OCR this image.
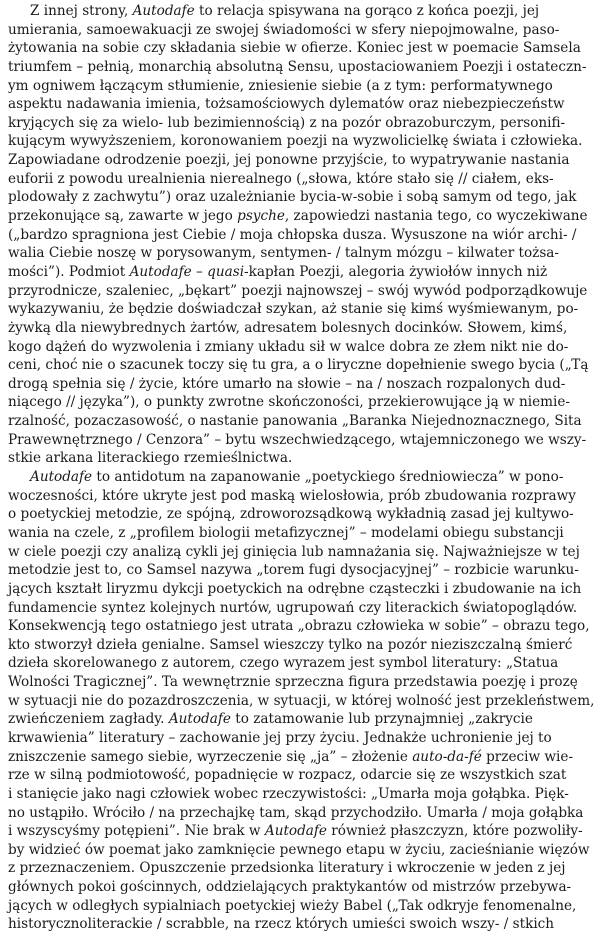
Z innej strony, Autodafe to relacja spisywana na gorąco z końca poezji, jej
umierania, samoewakuacji ze swojej świadomości w sfery niepojmowalne, paso-
żytowania na sobie czy składania siebie w ofierze. Koniec jest w poemacie Samsela
triumfem – pełnią, monarchią absolutną Sensu, upostaciowaniem Poezji i ostateczn-
ym ogniwem łączącym stłumienie, zniesienie siebie (a z tym: performatywnego
aspektu nadawania imienia, tożsamościowych dylematów oraz niebezpieczeństw
kryjących się za wielo- lub bezimiennością) z na pozór obrazoburczym, personifi-
kującym wywyższeniem, koronowaniem poezji na wyzwolicielkę świata i człowieka.
Zapowiadane odrodzenie poezji, jej ponowne przyjście, to wypatrywanie nastania
euforii z powodu urealnienia nierealnego („słowa, które stało się // ciałem, eks-
plodowały z zachwytu”) oraz uzależnianie bycia-w-sobie i sobą samym od tego, jak
przekonujące są, zawarte w jego psyche, zapowiedzi nastania tego, co wyczekiwane
(„bardzo spragniona jest Ciebie / moja chłopska dusza. Wysuszone na wiór archi- /
walia Ciebie noszę w porysowanym, sentymen- / talnym mózgu – kilwater tożsa-
mości”). Podmiot Autodafe – quasi-kapłan Poezji, alegoria żywiołów innych niż
przyrodnicze, szaleniec, „bękart” poezji najnowszej – swój wywód podporządkowuje
wykazywaniu, że będzie doświadczał szykan, aż stanie się kimś wyśmiewanym, po-
żywką dla niewybrednych żartów, adresatem bolesnych docinków. Słowem, kimś,
kogo dążeń do wyzwolenia i zmiany układu sił w walce dobra ze złem nikt nie do-
ceni, choć nie o szacunek toczy się tu gra, a o liryczne dopełnienie swego bycia („Tą
drogą spełnia się / życie, które umarło na słowie – na / noszach rozpalonych dud-
niącego // języka”), o punkty zwrotne skończoności, przekierowujące ją w niemie-
rzalność, pozaczasowość, o nastanie panowania „Baranka Niejednoznacznego, Sita
Prawewnętrznego / Cenzora” – bytu wszechwiedzącego, wtajemniczonego we wszy-
stkie arkana literackiego rzemieślnictwa.
Autodafe to antidotum na zapanowanie „poetyckiego średniowiecza” w pono-
woczesności, które ukryte jest pod maską wielosłowia, prób zbudowania rozprawy
o poetyckiej metodzie, ze spójną, zdroworozsądkową wykładnią zasad jej kultywo-
wania na czele, z „profilem biologii metafizycznej” – modelami obiegu substancji
w ciele poezji czy analizą cykli jej ginięcia lub namnażania się. Najważniejsze w tej
metodzie jest to, co Samsel nazywa „torem fugi dysocjacyjnej” – rozbicie warunku-
jących kształt liryzmu dykcji poetyckich na odrębne cząsteczki i zbudowanie na ich
fundamencie syntez kolejnych nurtów, ugrupowań czy literackich światopoglądów.
Konsekwencją tego ostatniego jest utrata „obrazu człowieka w sobie” – obrazu tego,
kto stworzył dzieła genialne. Samsel wieszczy tylko na pozór nieziszczalną śmierć
dzieła skorelowanego z autorem, czego wyrazem jest symbol literatury: „Statua
Wolności Tragicznej”. Ta wewnętrznie sprzeczna figura przedstawia poezję i prozę
w sytuacji nie do pozazdroszczenia, w sytuacji, w której wolność jest przekleństwem,
zwieńczeniem zagłady. Autodafe to zatamowanie lub przynajmniej „zakrycie
krwawienia” literatury – zachowanie jej przy życiu. Jednakże uchronienie jej to
zniszczenie samego siebie, wyrzeczenie się „ja” – złożenie auto-da-fé przeciw wie-
rze w silną podmiotowość, popadnięcie w rozpacz, odarcie się ze wszystkich szat
i stanięcie jako nagi człowiek wobec rzeczywistości: „Umarła moja gołąbka. Pięk-
no ustąpiło. Wróciło / na przechajkę tam, skąd przychodziło. Umarła / moja gołąbka
i wszyscyśmy potępieni”. Nie brak w Autodafe również płaszczyzn, które pozwoliły-
by widzieć ów poemat jako zamknięcie pewnego etapu w życiu, zacieśnianie więzów
z przeznaczeniem. Opuszczenie przedsionka literatury i wkroczenie w jeden z jej
głównych pokoi gościnnych, oddzielających praktykantów od mistrzów przebywa-
jących w odległych sypialniach poetyckiej wieży Babel („Tak odkryje fenomenalne,
historycznoliterackie / scrabble, na rzecz których umieści swoich wszy- / stkich
